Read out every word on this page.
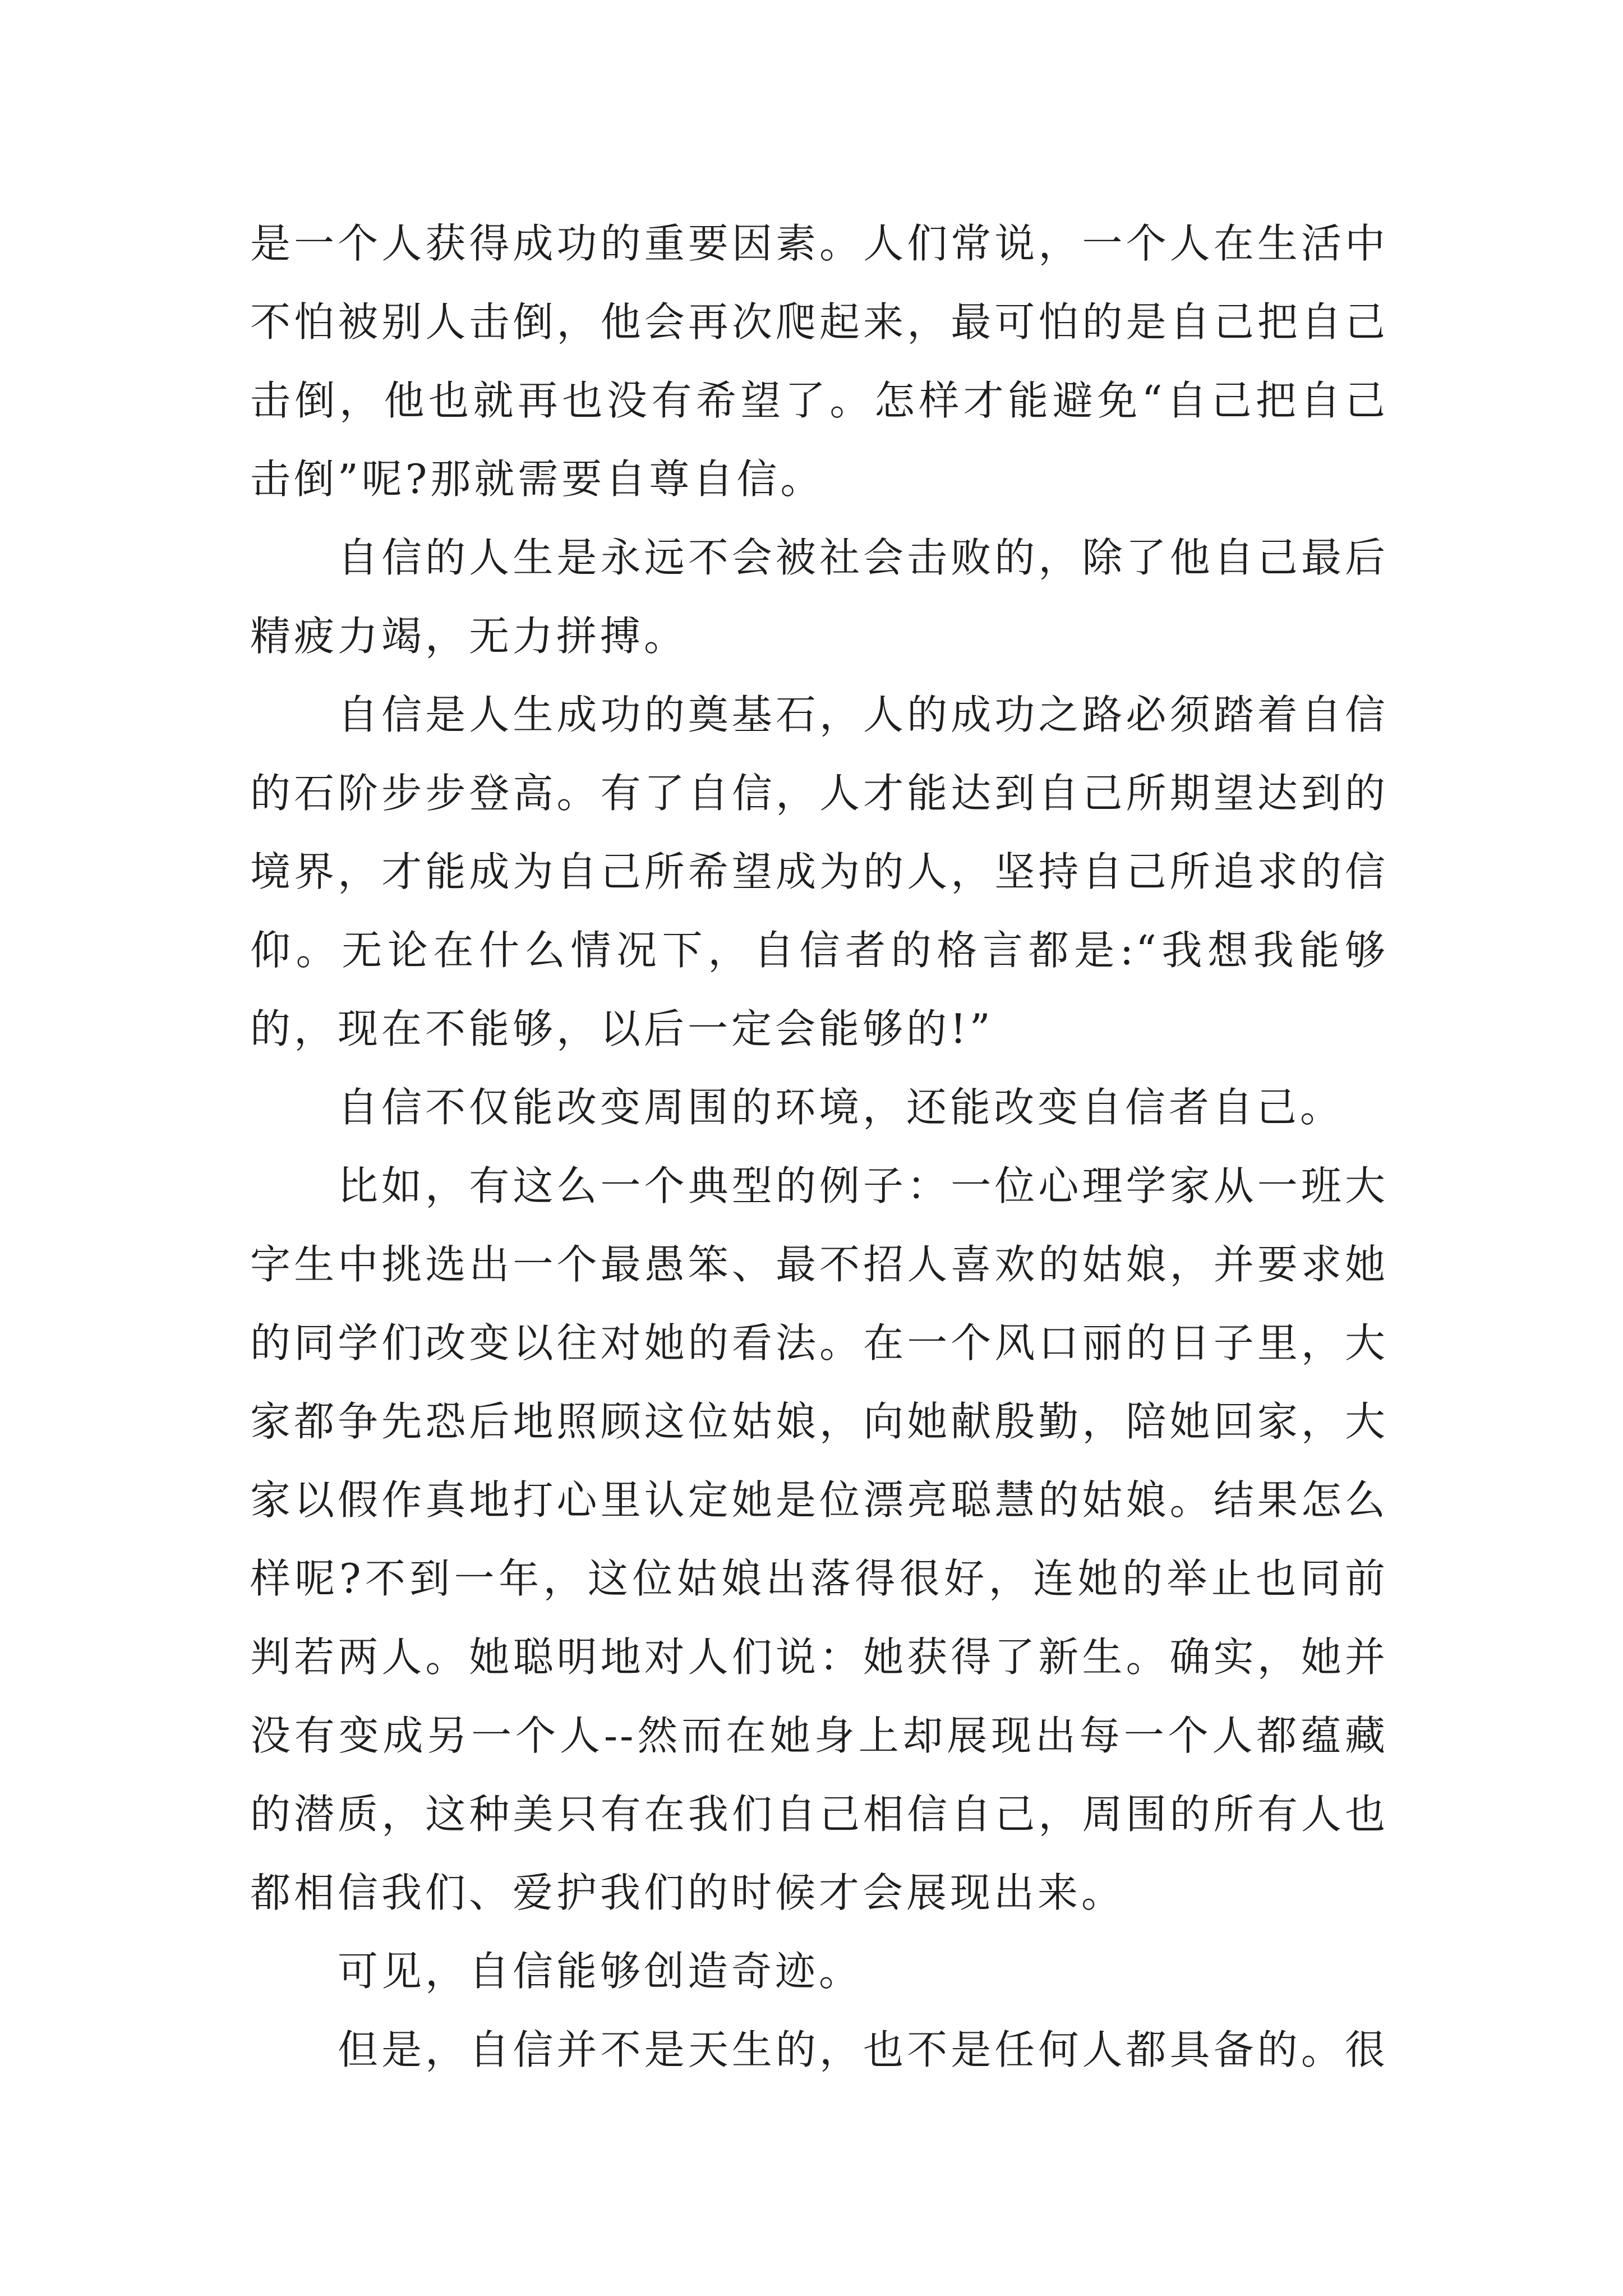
是一个人获得成功的重要因素。人们常说，一个人在生活中
不怕被别人击倒，他会再次爬起来，最可怕的是自己把自己
击倒，他也就再也没有希望了。怎样才能避免“自己把自己
击倒”呢?那就需要自尊自信。
自信的人生是永远不会被社会击败的，除了他自己最后
精疲力竭，无力拼搏。
自信是人生成功的奠基石，人的成功之路必须踏着自信
的石阶步步登高。有了自信，人才能达到自己所期望达到的
境界，才能成为自己所希望成为的人，坚持自己所追求的信
仰。无论在什么情况下，自信者的格言都是:“我想我能够
的，现在不能够，以后一定会能够的!”
自信不仅能改变周围的环境，还能改变自信者自己。
比如，有这么一个典型的例子：一位心理学家从一班大
字生中挑选出一个最愚笨、最不招人喜欢的姑娘，并要求她
的同学们改变以往对她的看法。在一个风口丽的日子里，大
家都争先恐后地照顾这位姑娘，向她献殷勤，陪她回家，大
家以假作真地打心里认定她是位漂亮聪慧的姑娘。结果怎么
样呢?不到一年，这位姑娘出落得很好，连她的举止也同前
判若两人。她聪明地对人们说：她获得了新生。确实，她并
没有变成另一个人--然而在她身上却展现出每一个人都蕴藏
的潜质，这种美只有在我们自己相信自己，周围的所有人也
都相信我们、爱护我们的时候才会展现出来。
可见，自信能够创造奇迹。
但是，自信并不是天生的，也不是任何人都具备的。很
